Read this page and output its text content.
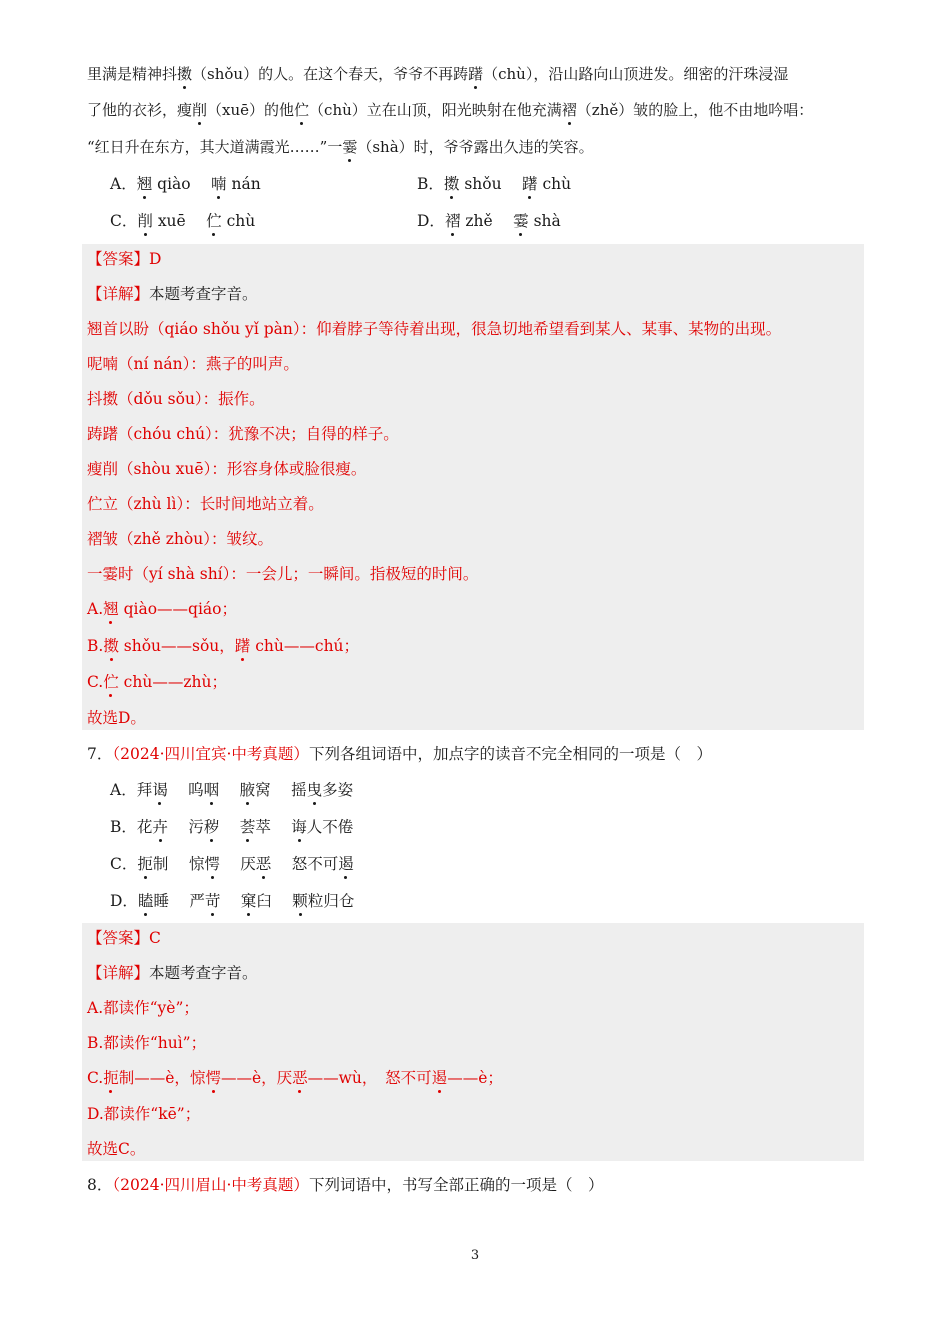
里满是精神抖擞（shǒu）的人。在这个春天，爷爷不再踌躇（chù），沿山路向山顶进发。细密的汗珠浸湿
了他的衣衫，瘦削（xuē）的他伫（chù）立在山顶，阳光映射在他充满褶（zhě）皱的脸上，他不由地吟唱：
“红日升在东方，其大道满霞光……”一霎（shà）时，爷爷露出久违的笑容。
A．翘 qiào　 喃 nán	B．擞 shǒu　 躇 chù
C．削 xuē　 伫 chù	D．褶 zhě　 霎 shà
【答案】D
【详解】本题考查字音。
翘首以盼（qiáo shǒu yǐ pàn）：仰着脖子等待着出现，很急切地希望看到某人、某事、某物的出现。
呢喃（ní nán）：燕子的叫声。
抖擞（dǒu sǒu）：振作。
踌躇（chóu chú）：犹豫不决；自得的样子。
瘦削（shòu xuē）：形容身体或脸很瘦。
伫立（zhù lì）：长时间地站立着。
褶皱（zhě zhòu）：皱纹。
一霎时（yí shà shí）：一会儿；一瞬间。指极短的时间。
A.翘 qiào——qiáo；
B.擞 shǒu——sǒu，躇 chù——chú；
C.伫 chù——zhù；
故选D。
7．（2024·四川宜宾·中考真题）下列各组词语中，加点字的读音不完全相同的一项是（　）
A．拜谒　 呜咽　 腋窝　 摇曳多姿
B．花卉　 污秽　 荟萃　 诲人不倦
C．扼制　 惊愕　 厌恶　 怒不可遏
D．瞌睡　 严苛　 窠臼　 颗粒归仓
【答案】C
【详解】本题考查字音。
A.都读作“yè”；
B.都读作“huì”；
C.扼制——è，惊愕——è，厌恶——wù，　怒不可遏——è；
D.都读作“kē”；
故选C。
8．（2024·四川眉山·中考真题）下列词语中，书写全部正确的一项是（　）
3
